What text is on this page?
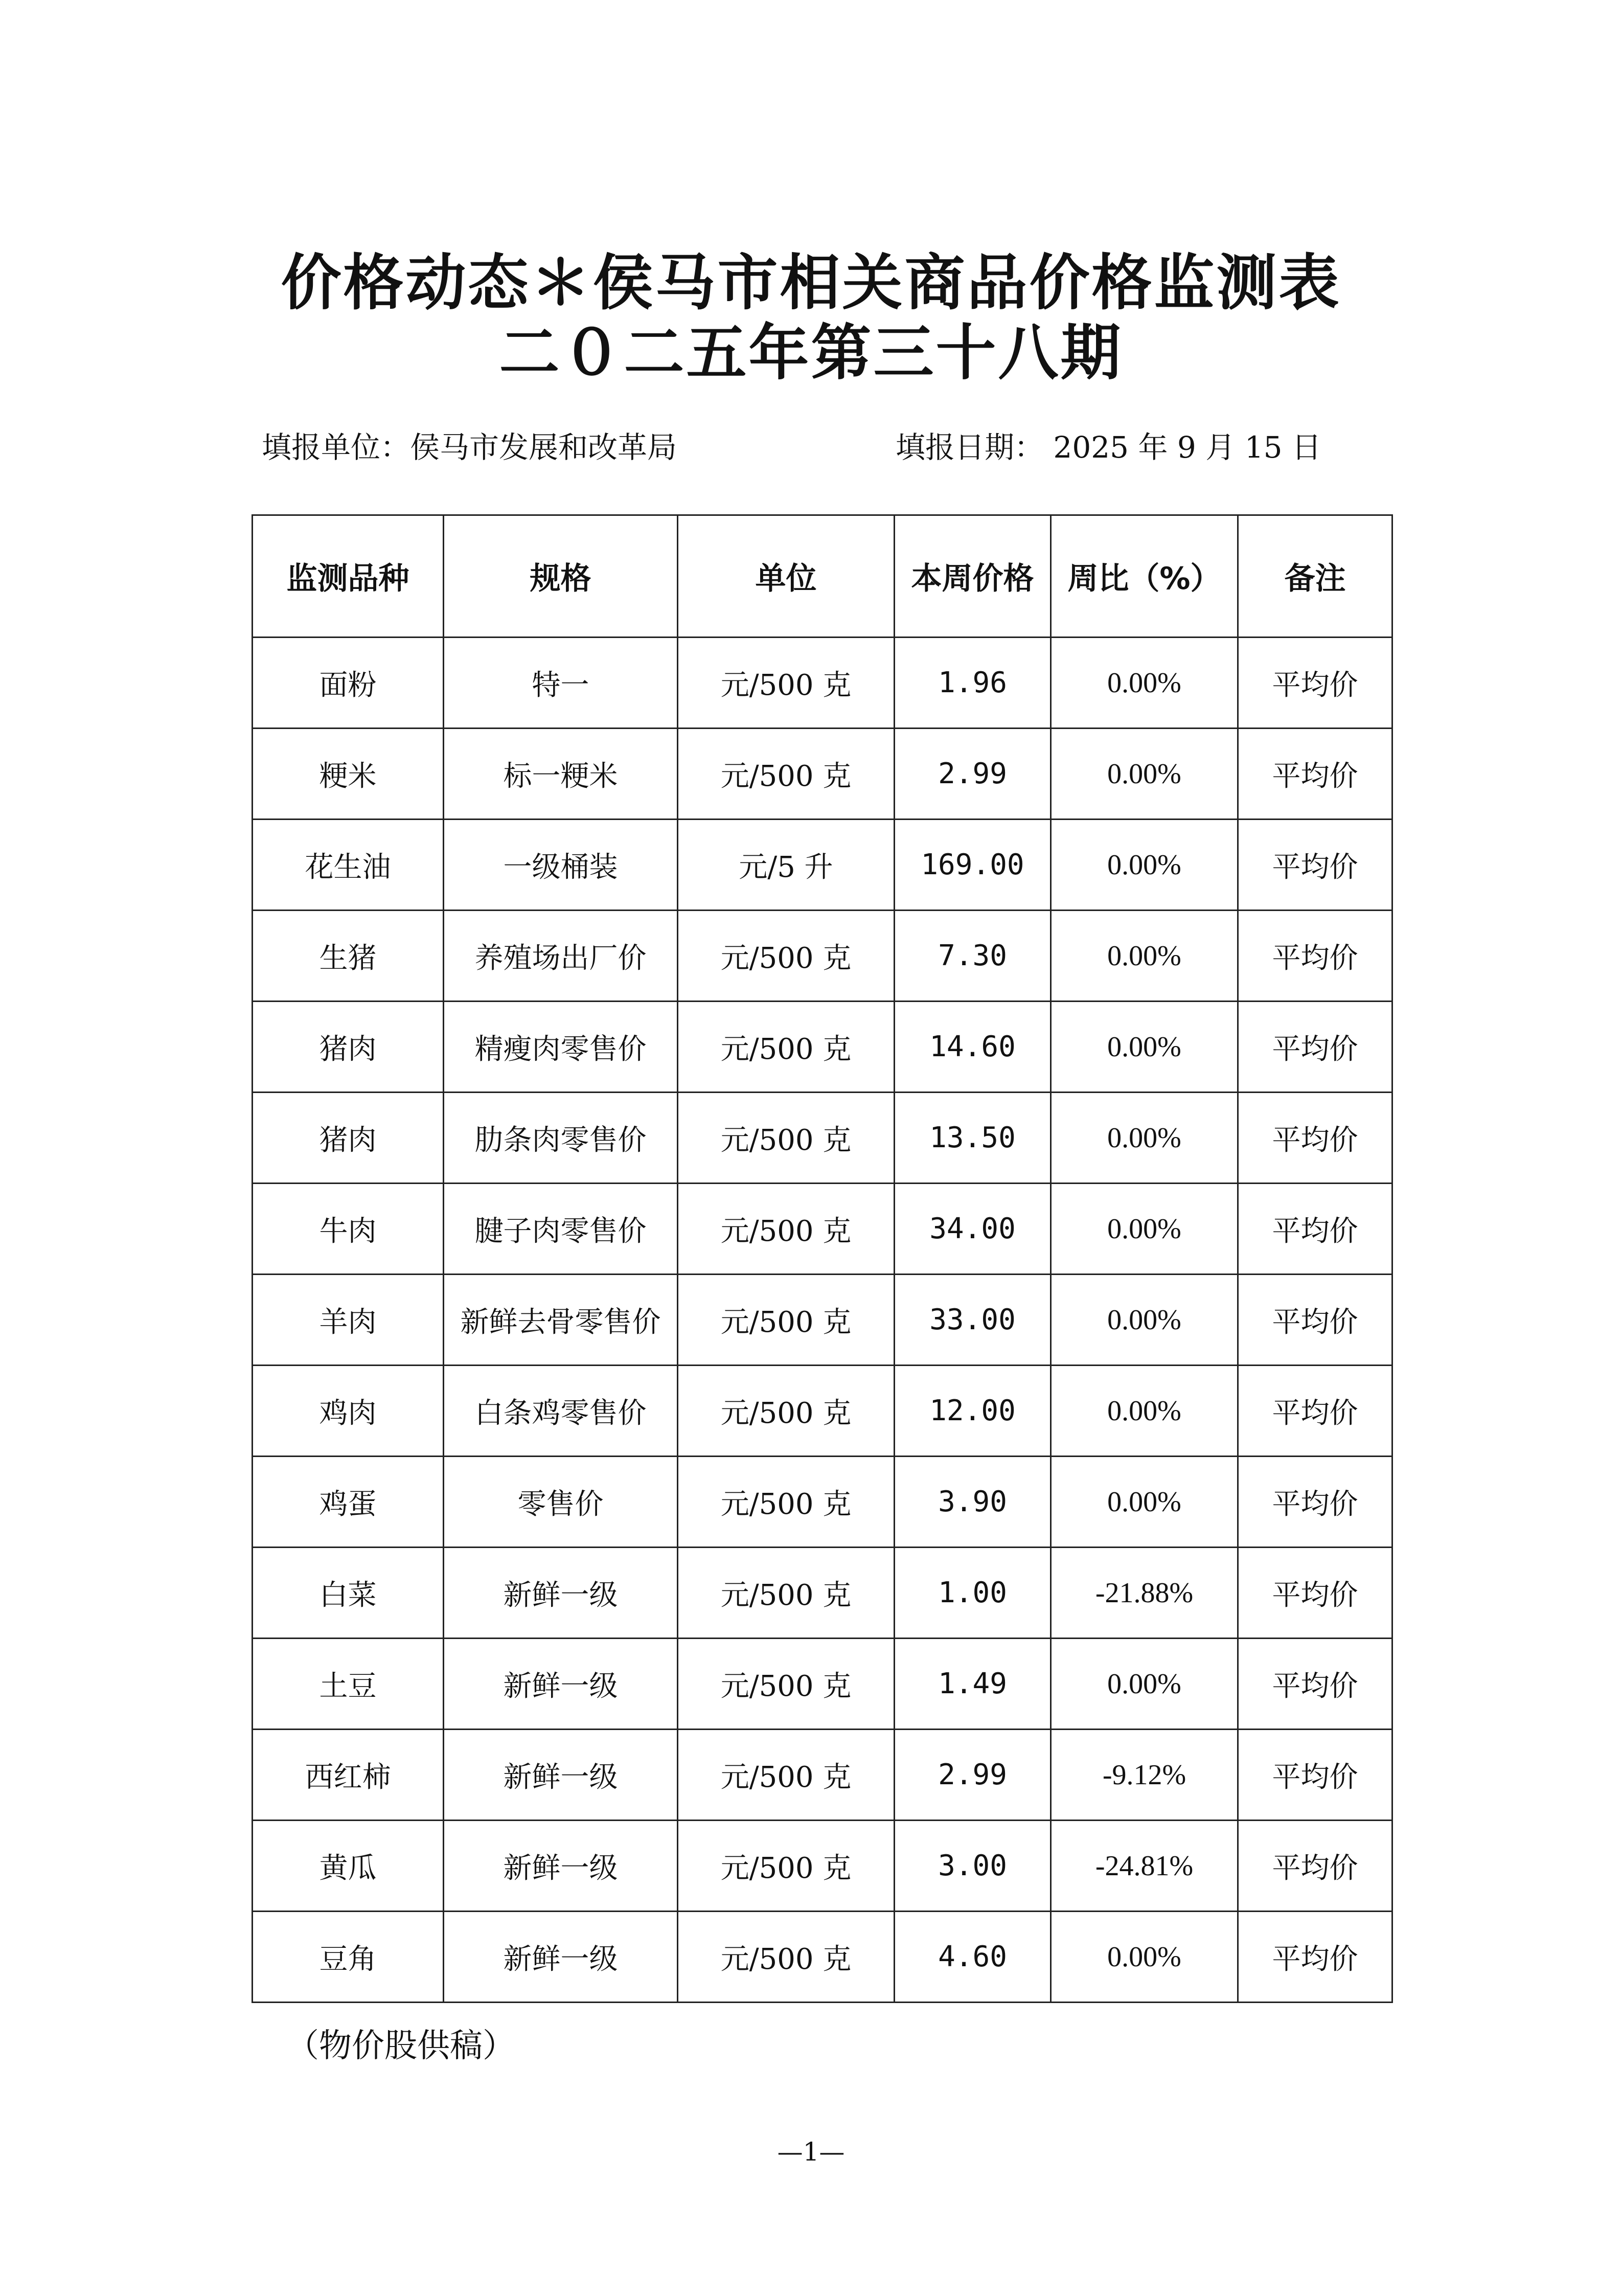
价格动态＊侯马市相关商品价格监测表
二０二五年第三十八期
填报单位：侯马市发展和改革局	填报日期： 2025 年 9 月 15 日
监测品种	规格	单位	本周价格	周比（%）	备注
面粉	特一	元/500 克	1.96	0.00%	平均价
粳米	标一粳米	元/500 克	2.99	0.00%	平均价
花生油	一级桶装	元/5 升	169.00	0.00%	平均价
生猪	养殖场出厂价	元/500 克	7.30	0.00%	平均价
猪肉	精瘦肉零售价	元/500 克	14.60	0.00%	平均价
猪肉	肋条肉零售价	元/500 克	13.50	0.00%	平均价
牛肉	腱子肉零售价	元/500 克	34.00	0.00%	平均价
羊肉	新鲜去骨零售价	元/500 克	33.00	0.00%	平均价
鸡肉	白条鸡零售价	元/500 克	12.00	0.00%	平均价
鸡蛋	零售价	元/500 克	3.90	0.00%	平均价
白菜	新鲜一级	元/500 克	1.00	-21.88%	平均价
土豆	新鲜一级	元/500 克	1.49	0.00%	平均价
西红柿	新鲜一级	元/500 克	2.99	-9.12%	平均价
黄瓜	新鲜一级	元/500 克	3.00	-24.81%	平均价
豆角	新鲜一级	元/500 克	4.60	0.00%	平均价
（物价股供稿）
—1—
